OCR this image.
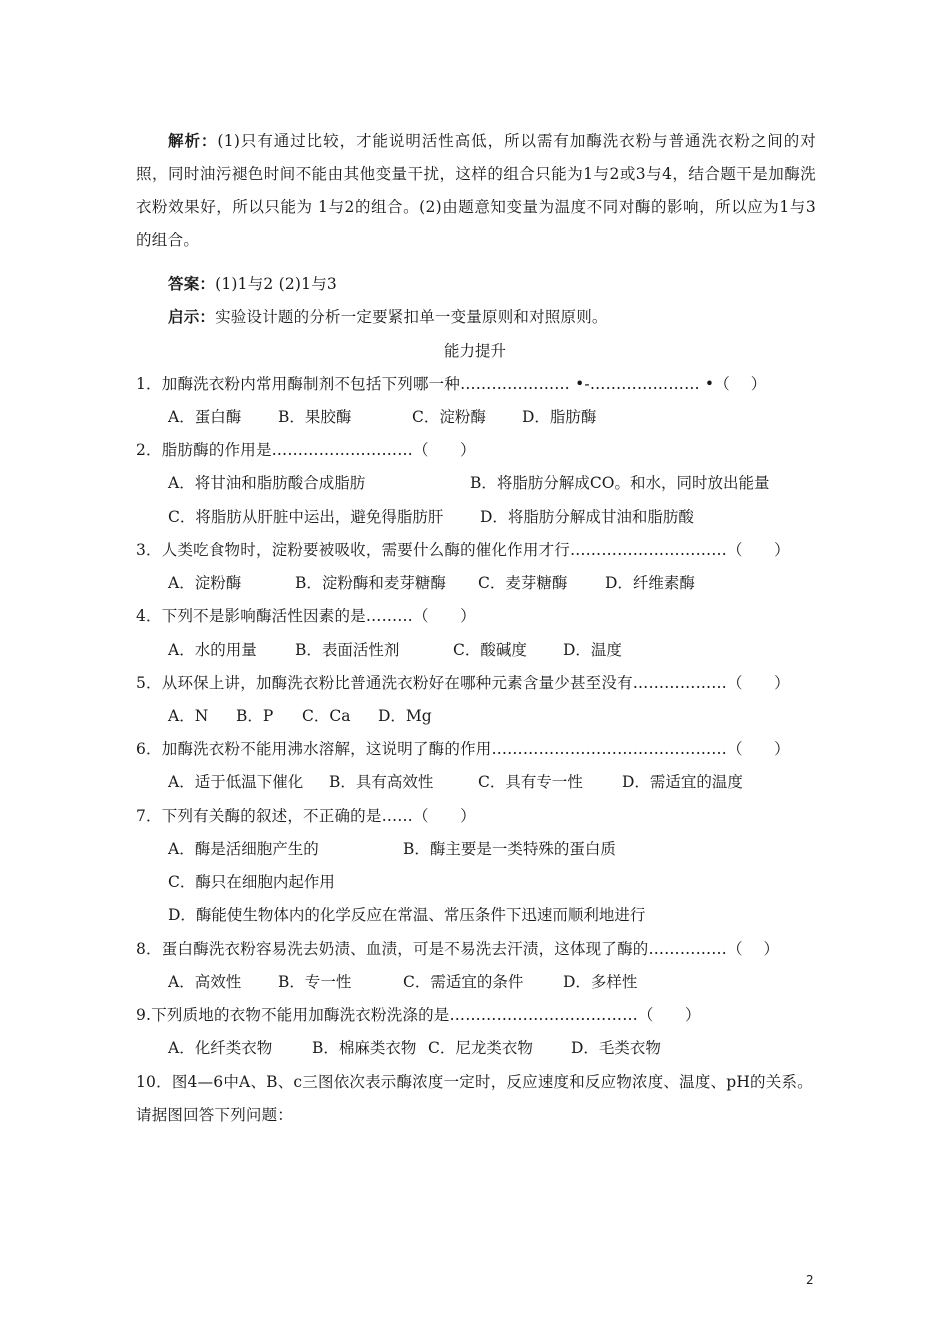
解析：(1)只有通过比较，才能说明活性高低，所以需有加酶洗衣粉与普通洗衣粉之间的对照，同时油污褪色时间不能由其他变量干扰，这样的组合只能为1与2或3与4，结合题干是加酶洗衣粉效果好，所以只能为 1与2的组合。(2)由题意知变量为温度不同对酶的影响，所以应为1与3的组合。

答案：(1)1与2 (2)1与3
启示：实验设计题的分析一定要紧扣单一变量原则和对照原则。
能力提升
1．加酶洗衣粉内常用酶制剂不包括下列哪一种………………… •-………………… •（　 ）
A．蛋白酶 B．果胶酶	C．淀粉酶 D．脂肪酶
2．脂肪酶的作用是………………………（　　）
A．将甘油和脂肪酸合成脂肪	B．将脂肪分解成CO。和水，同时放出能量
C．将脂肪从肝脏中运出，避免得脂肪肝 D．将脂肪分解成甘油和脂肪酸
3．人类吃食物时，淀粉要被吸收，需要什么酶的催化作用才行…………………………（　　）
A．淀粉酶	B．淀粉酶和麦芽糖酶 C．麦芽糖酶 D．纤维素酶
4．下列不是影响酶活性因素的是………（　　）
A．水的用量 B．表面活性剂	C．酸碱度 D．温度
5．从环保上讲，加酶洗衣粉比普通洗衣粉好在哪种元素含量少甚至没有………………（　　）
A．N B．P C．Ca D．Mg
6．加酶洗衣粉不能用沸水溶解，这说明了酶的作用………………………………………（　　）
A．适于低温下催化 B．具有高效性	C．具有专一性	D．需适宜的温度
7．下列有关酶的叙述，不正确的是……（　　）
A．酶是活细胞产生的	B．酶主要是一类特殊的蛋白质
C．酶只在细胞内起作用
D．酶能使生物体内的化学反应在常温、常压条件下迅速而顺利地进行
8．蛋白酶洗衣粉容易洗去奶渍、血渍，可是不易洗去汗渍，这体现了酶的……………（　 ）
A．高效性 B．专一性	C．需适宜的条件	D．多样性
9.下列质地的衣物不能用加酶洗衣粉洗涤的是………………………………（　　）
A．化纤类衣物	B．棉麻类衣物 C．尼龙类衣物 D．毛类衣物
10．图4—6中A、B、c三图依次表示酶浓度一定时，反应速度和反应物浓度、温度、pH的关系。
请据图回答下列问题：
2
